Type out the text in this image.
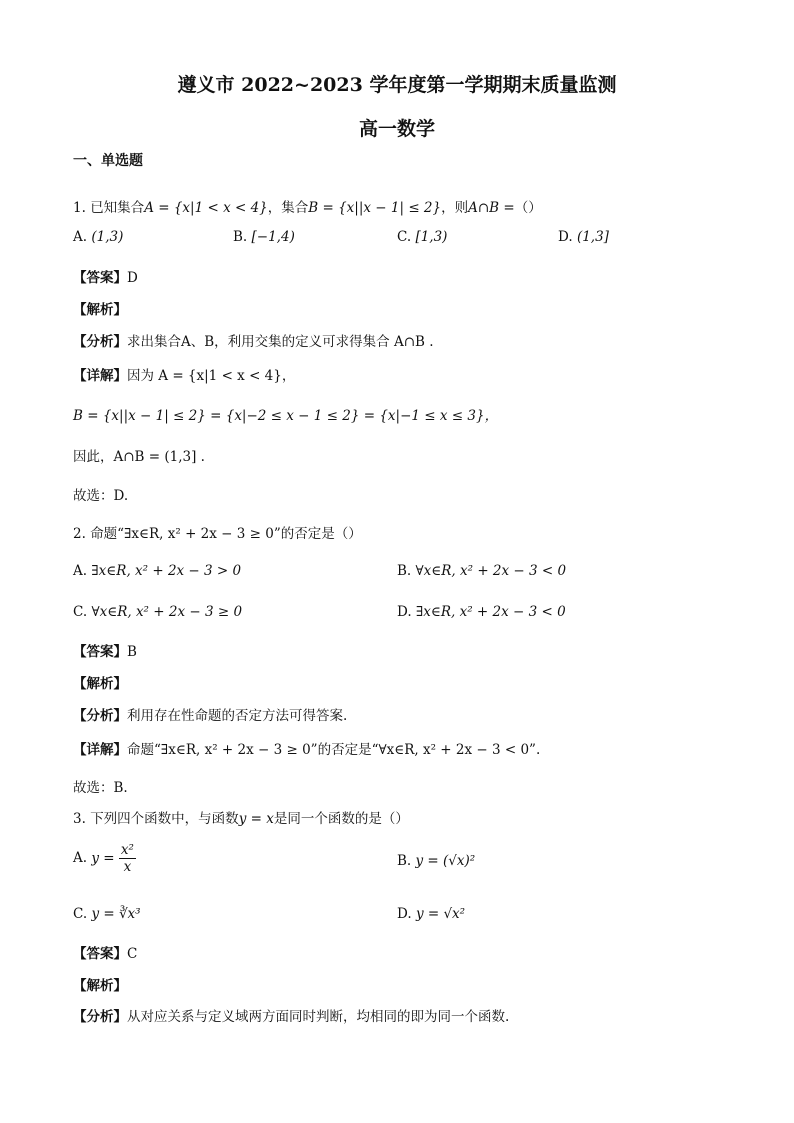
遵义市 2022~2023 学年度第一学期期末质量监测
高一数学
一、单选题
1. 已知集合A = {x|1 < x < 4}，集合B = {x||x − 1| ≤ 2}，则A∩B =（）
A. (1,3)	B. [−1,4)	C. [1,3)	D. (1,3]
【答案】D
【解析】
【分析】求出集合A、B，利用交集的定义可求得集合 A∩B .
【详解】因为 A = {x|1 < x < 4}，
B = {x||x − 1| ≤ 2} = {x|−2 ≤ x − 1 ≤ 2} = {x|−1 ≤ x ≤ 3}，
因此，A∩B = (1,3] .
故选：D.
2. 命题“∃x∈R, x² + 2x − 3 ≥ 0”的否定是（）
A. ∃x∈R, x² + 2x − 3 > 0	B. ∀x∈R, x² + 2x − 3 < 0
C. ∀x∈R, x² + 2x − 3 ≥ 0	D. ∃x∈R, x² + 2x − 3 < 0
【答案】B
【解析】
【分析】利用存在性命题的否定方法可得答案.
【详解】命题“∃x∈R, x² + 2x − 3 ≥ 0”的否定是“∀x∈R, x² + 2x − 3 < 0”.
故选：B.
3. 下列四个函数中，与函数y = x是同一个函数的是（）
A. $y = \frac{\text{x²}}{x}$	B. y = (√x)²
C. y = ∛x³	D. y = √x²
【答案】C
【解析】
【分析】从对应关系与定义域两方面同时判断，均相同的即为同一个函数.
